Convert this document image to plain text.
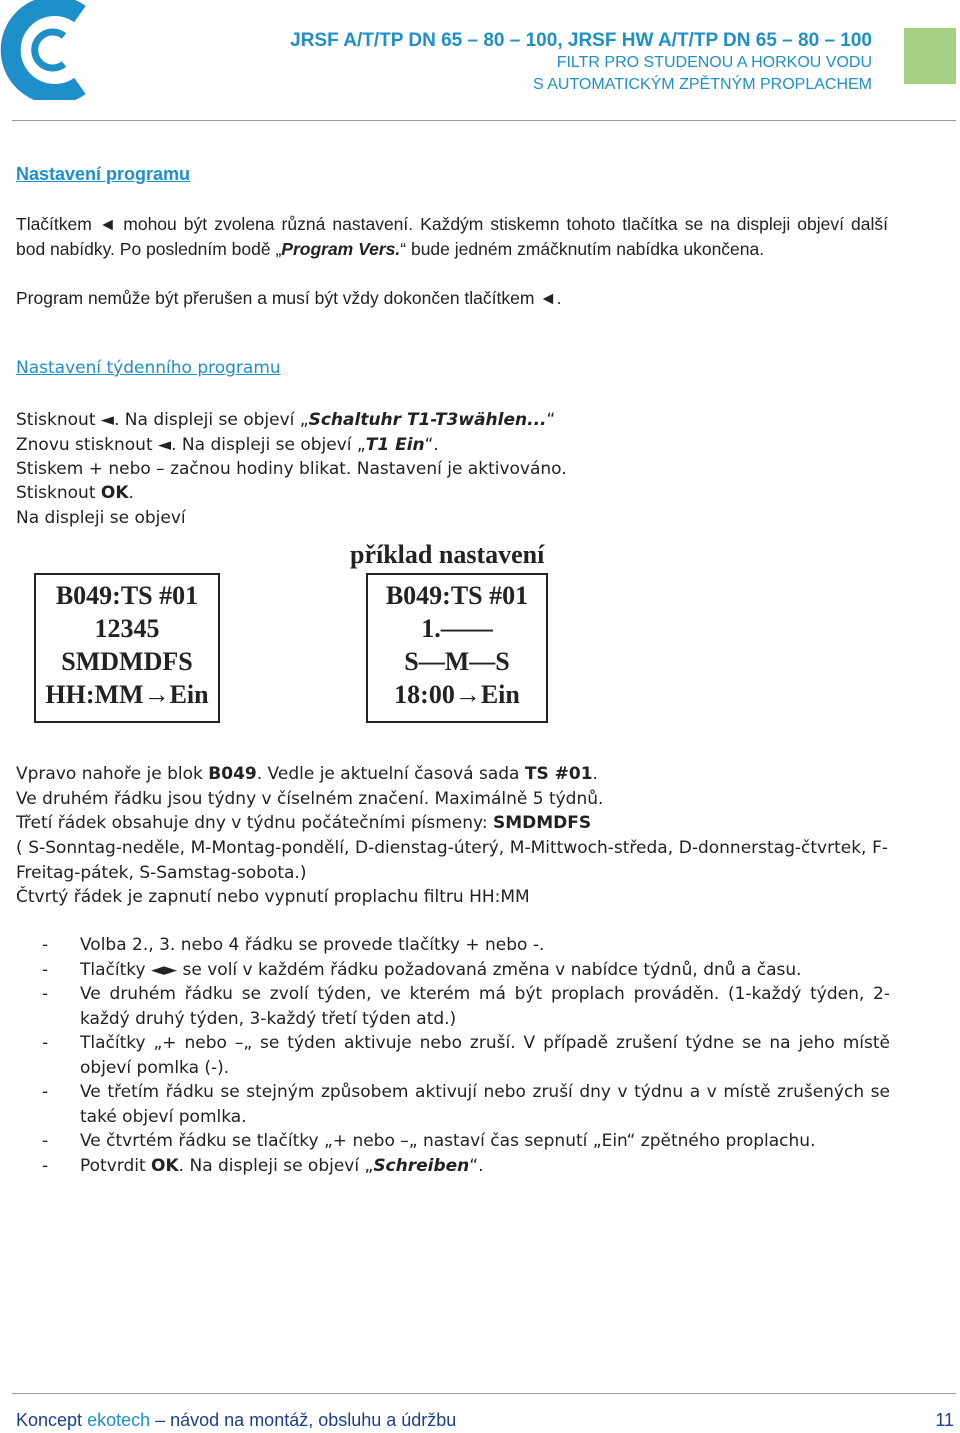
JRSF A/T/TP DN 65 – 80 – 100, JRSF HW A/T/TP DN 65 – 80 – 100
FILTR PRO STUDENOU A HORKOU VODU
S AUTOMATICKÝM ZPĚTNÝM PROPLACHEM
Nastavení programu
Tlačítkem ◄ mohou být zvolena různá nastavení. Každým stiskemn tohoto tlačítka se na displeji objeví další bod nabídky. Po posledním bodě „Program Vers.“ bude jedném zmáčknutím nabídka ukončena.
Program nemůže být přerušen a musí být vždy dokončen tlačítkem ◄.
Nastavení týdenního programu
Stisknout ◄. Na displeji se objeví „Schaltuhr T1-T3wählen...“
Znovu stisknout ◄. Na displeji se objeví „T1 Ein“.
Stiskem + nebo – začnou hodiny blikat. Nastavení je aktivováno.
Stisknout OK.
Na displeji se objeví
B049:TS #01
12345
SMDMDFS
HH:MM→Ein
příklad nastavení
B049:TS #01
1.——
S—M—S
18:00→Ein
Vpravo nahoře je blok B049. Vedle je aktuelní časová sada TS #01.
Ve druhém řádku jsou týdny v číselném značení. Maximálně 5 týdnů.
Třetí řádek obsahuje dny v týdnu počátečními písmeny: SMDMDFS
( S-Sonntag-neděle, M-Montag-pondělí, D-dienstag-úterý, M-Mittwoch-středa, D-donnerstag-čtvrtek, F-Freitag-pátek, S-Samstag-sobota.)
Čtvrtý řádek je zapnutí nebo vypnutí proplachu filtru HH:MM
- Volba 2., 3. nebo 4 řádku se provede tlačítky + nebo -.
- Tlačítky ◄► se volí v každém řádku požadovaná změna v nabídce týdnů, dnů a času.
- Ve druhém řádku se zvolí týden, ve kterém má být proplach prováděn. (1-každý týden, 2-každý druhý týden, 3-každý třetí týden atd.)
- Tlačítky „+ nebo –„ se týden aktivuje nebo zruší. V případě zrušení týdne se na jeho místě objeví pomlka (-).
- Ve třetím řádku se stejným způsobem aktivují nebo zruší dny v týdnu a v místě zrušených se také objeví pomlka.
- Ve čtvrtém řádku se tlačítky „+ nebo –„ nastaví čas sepnutí „Ein“ zpětného proplachu.
- Potvrdit OK. Na displeji se objeví „Schreiben“.
Koncept ekotech – návod na montáž, obsluhu a údržbu	11
